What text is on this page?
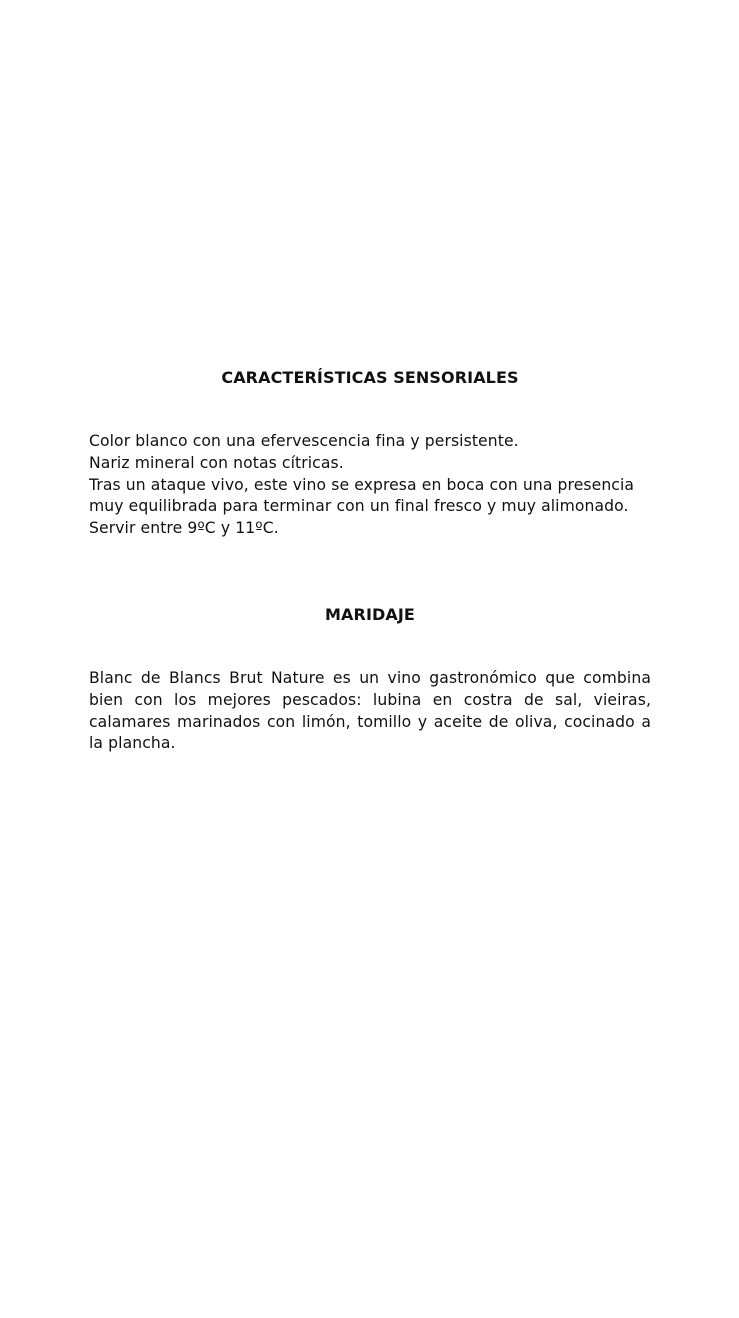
CARACTERÍSTICAS SENSORIALES
Color blanco con una efervescencia fina y persistente.
Nariz mineral con notas cítricas.
Tras un ataque vivo, este vino se expresa en boca con una presencia muy equilibrada para terminar con un final fresco y muy alimonado.
Servir entre 9ºC y 11ºC.
MARIDAJE

Blanc de Blancs Brut Nature es un vino gastronómico que combina bien con los mejores pescados: lubina en costra de sal, vieiras, calamares marinados con limón, tomillo y aceite de oliva, cocinado a la plancha.
